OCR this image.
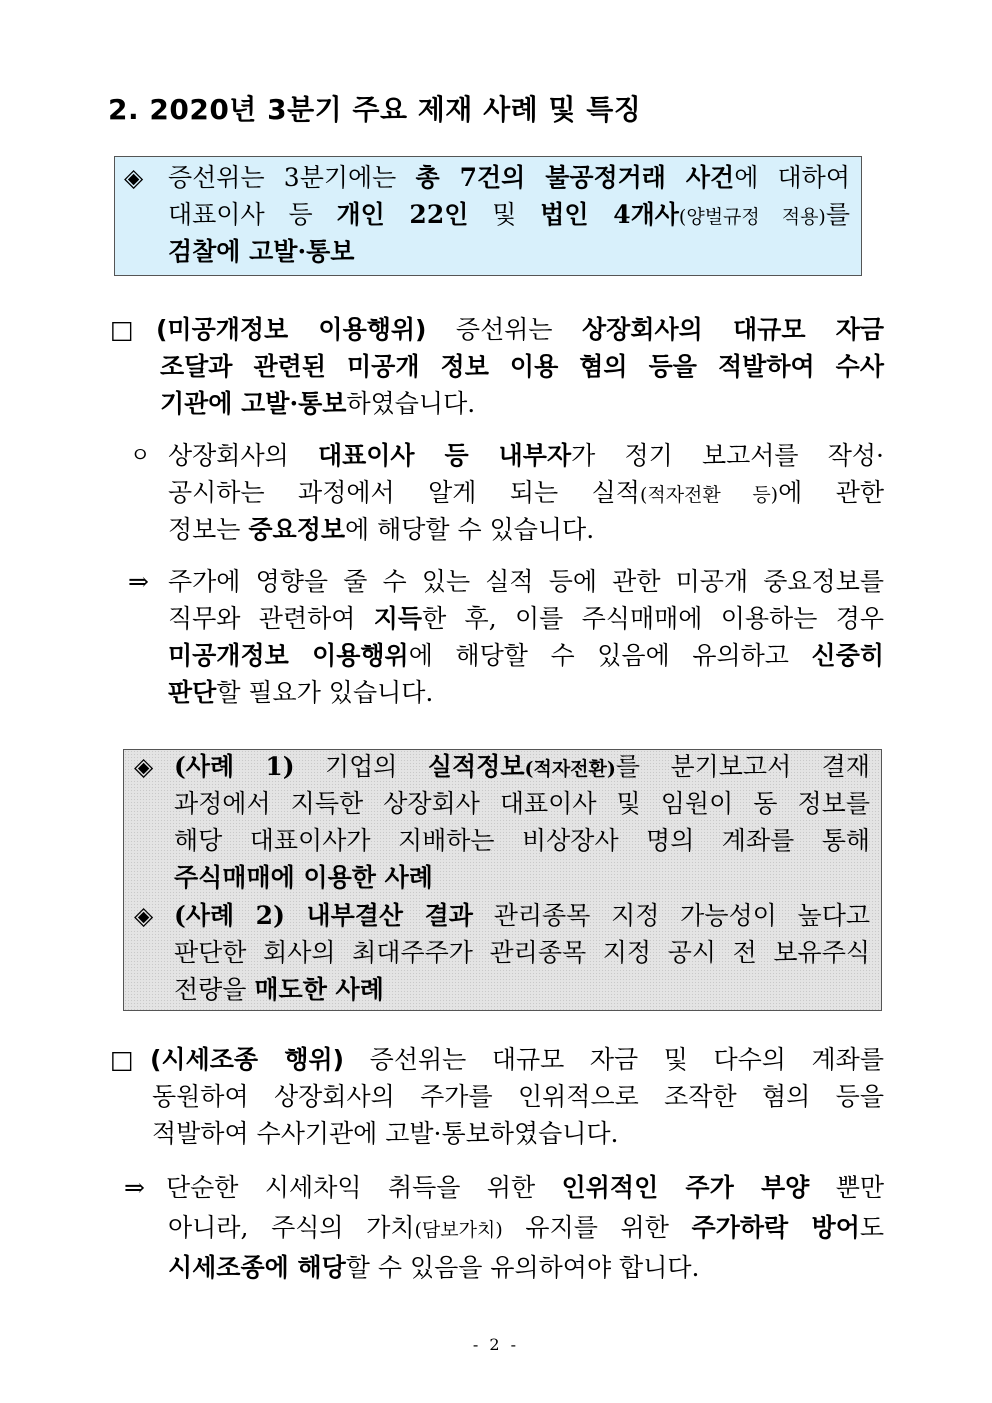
2. 2020년 3분기 주요 제재 사례 및 특징
◈ 증선위는 3분기에는 총 7건의 불공정거래 사건에 대하여
대표이사 등 개인 22인 및 법인 4개사(양벌규정 적용)를
검찰에 고발·통보
□ (미공개정보 이용행위) 증선위는 상장회사의 대규모 자금
조달과 관련된 미공개 정보 이용 혐의 등을 적발하여 수사
기관에 고발·통보하였습니다.
ㅇ 상장회사의 대표이사 등 내부자가 정기 보고서를 작성·
공시하는 과정에서 알게 되는 실적(적자전환 등)에 관한
정보는 중요정보에 해당할 수 있습니다.
⇒ 주가에 영향을 줄 수 있는 실적 등에 관한 미공개 중요정보를
직무와 관련하여 지득한 후, 이를 주식매매에 이용하는 경우
미공개정보 이용행위에 해당할 수 있음에 유의하고 신중히
판단할 필요가 있습니다.
◈ (사례 1) 기업의 실적정보(적자전환)를 분기보고서 결재
과정에서 지득한 상장회사 대표이사 및 임원이 동 정보를
해당 대표이사가 지배하는 비상장사 명의 계좌를 통해
주식매매에 이용한 사례
◈ (사례 2) 내부결산 결과 관리종목 지정 가능성이 높다고
판단한 회사의 최대주주가 관리종목 지정 공시 전 보유주식
전량을 매도한 사례
□ (시세조종 행위) 증선위는 대규모 자금 및 다수의 계좌를
동원하여 상장회사의 주가를 인위적으로 조작한 혐의 등을
적발하여 수사기관에 고발·통보하였습니다.
⇒ 단순한 시세차익 취득을 위한 인위적인 주가 부양 뿐만
아니라, 주식의 가치(담보가치) 유지를 위한 주가하락 방어도
시세조종에 해당할 수 있음을 유의하여야 합니다.
- 2 -
